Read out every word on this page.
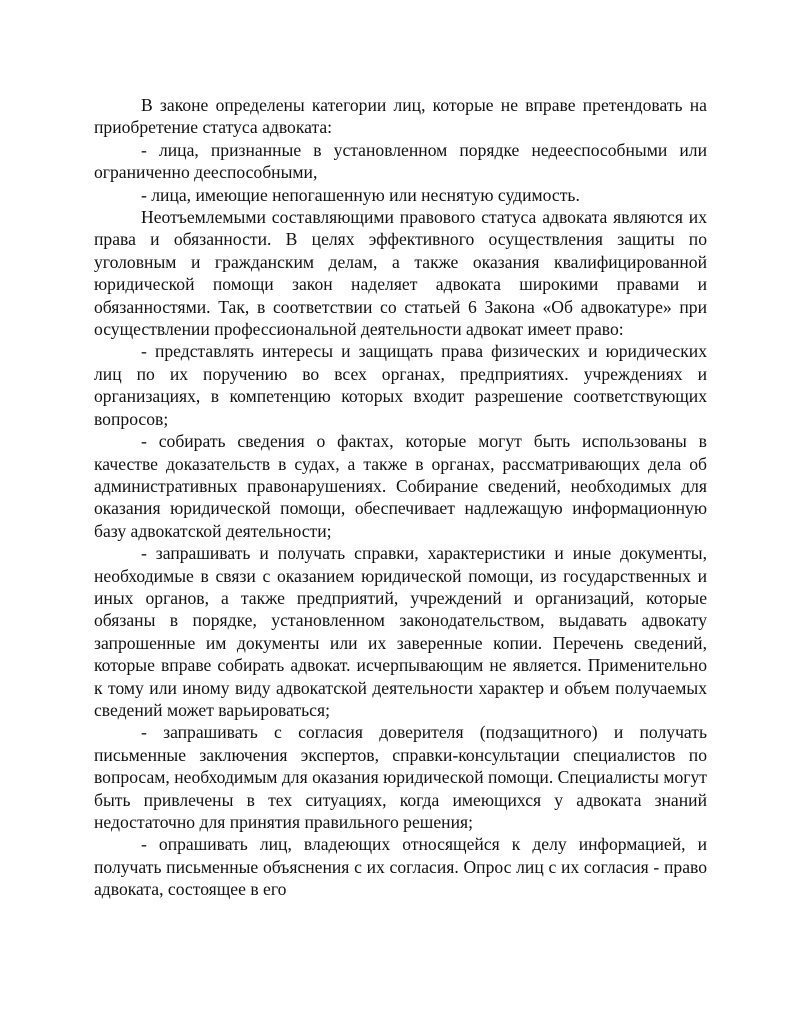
В законе определены категории лиц, которые не вправе претендовать на приобретение статуса адвоката:

- лица, признанные в установленном порядке недееспособными или ограниченно дееспособными,

- лица, имеющие непогашенную или неснятую судимость.

Неотъемлемыми составляющими правового статуса адвоката являются их права и обязанности. В целях эффективного осуществления защиты по уголовным и гражданским делам, а также оказания квалифицированной юридической помощи закон наделяет адвоката широкими правами и обязанностями. Так, в соответствии со статьей 6 Закона «Об адвокатуре» при осуществлении профессиональной деятельности адвокат имеет право:

- представлять интересы и защищать права физических и юридических лиц по их поручению во всех органах, предприятиях. учреждениях и организациях, в компетенцию которых входит разрешение соответствующих вопросов;

- собирать сведения о фактах, которые могут быть использованы в качестве доказательств в судах, а также в органах, рассматривающих дела об административных правонарушениях. Собирание сведений, необходимых для оказания юридической помощи, обеспечивает надлежащую информационную базу адвокатской деятельности;

- запрашивать и получать справки, характеристики и иные документы, необходимые в связи с оказанием юридической помощи, из государственных и иных органов, а также предприятий, учреждений и организаций, которые обязаны в порядке, установленном законодательством, выдавать адвокату запрошенные им документы или их заверенные копии. Перечень сведений, которые вправе собирать адвокат. исчерпывающим не является. Применительно к тому или иному виду адвокатской деятельности характер и объем получаемых сведений может варьироваться;

- запрашивать с согласия доверителя (подзащитного) и получать письменные заключения экспертов, справки-консультации специалистов по вопросам, необходимым для оказания юридической помощи. Специалисты могут быть привлечены в тех ситуациях, когда имеющихся у адвоката знаний недостаточно для принятия правильного решения;

- опрашивать лиц, владеющих относящейся к делу информацией, и получать письменные объяснения с их согласия. Опрос лиц с их согласия - право адвоката, состоящее в его
